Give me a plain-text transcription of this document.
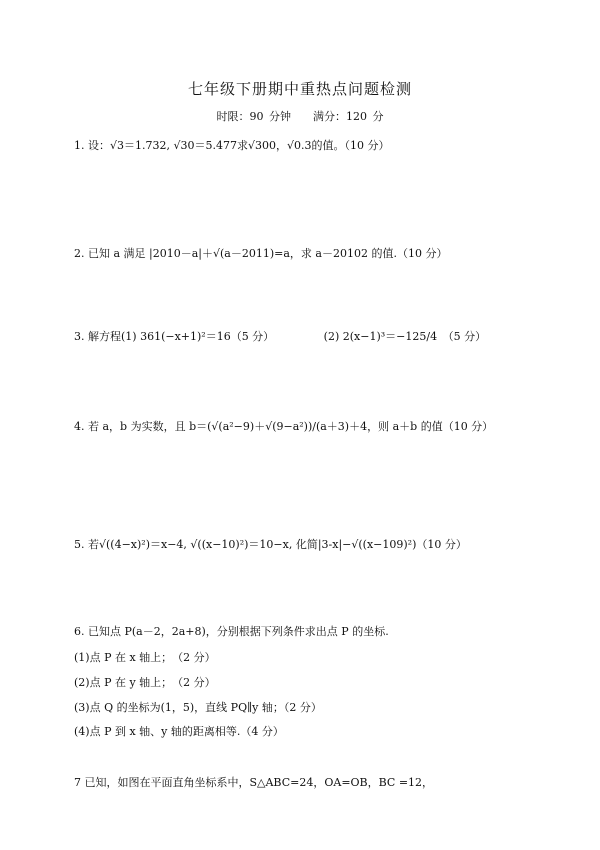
七年级下册期中重热点问题检测
时限：90 分钟　　满分：120 分
1. 设：√3＝1.732, √30＝5.477求√300，√0.3的值。（10 分）
2. 已知 a 满足 |2010－a|＋√(a－2011)=a，求 a－20102 的值.（10 分）
3. 解方程(1) 361(−x+1)²＝16（5 分）　　　　　(2) 2(x−1)³＝−125/4　（5 分）
4. 若 a，b 为实数，且 b＝(√(a²−9)＋√(9−a²))/(a＋3)＋4，则 a＋b 的值（10 分）
5. 若√((4−x)²)＝x−4, √((x−10)²)＝10−x, 化简|3-x|−√((x−109)²)（10 分）
6. 已知点 P(a－2，2a+8)，分别根据下列条件求出点 P 的坐标.
(1)点 P 在 x 轴上；　（2 分）
(2)点 P 在 y 轴上；　（2 分）
(3)点 Q 的坐标为(1，5)，直线 PQ∥y 轴；（2 分）
(4)点 P 到 x 轴、y 轴的距离相等.（4 分）
7 已知，如图在平面直角坐标系中，S△ABC=24，OA=OB，BC =12，
